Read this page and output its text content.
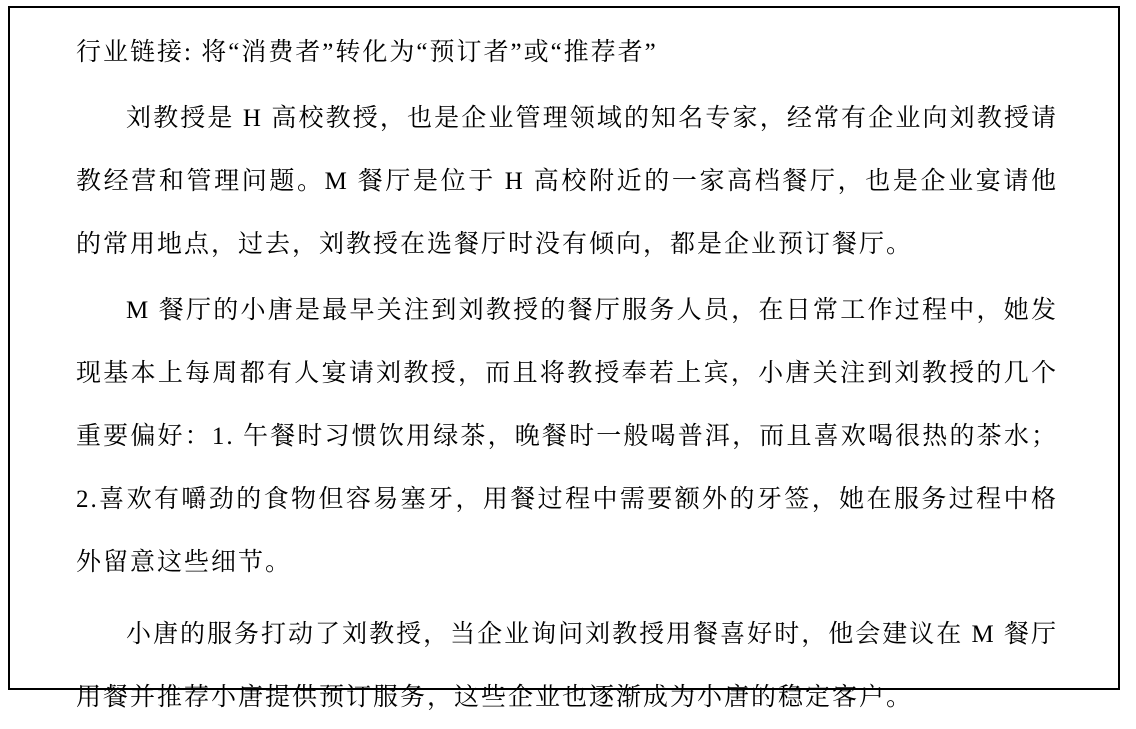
行业链接: 将“消费者”转化为“预订者”或“推荐者”

刘教授是 H 高校教授，也是企业管理领域的知名专家，经常有企业向刘教授请教经营和管理问题。M 餐厅是位于 H 高校附近的一家高档餐厅，也是企业宴请他的常用地点，过去，刘教授在选餐厅时没有倾向，都是企业预订餐厅。

M 餐厅的小唐是最早关注到刘教授的餐厅服务人员，在日常工作过程中，她发现基本上每周都有人宴请刘教授，而且将教授奉若上宾，小唐关注到刘教授的几个重要偏好：1. 午餐时习惯饮用绿茶，晚餐时一般喝普洱，而且喜欢喝很热的茶水；2.喜欢有嚼劲的食物但容易塞牙，用餐过程中需要额外的牙签，她在服务过程中格外留意这些细节。

小唐的服务打动了刘教授，当企业询问刘教授用餐喜好时，他会建议在 M 餐厅用餐并推荐小唐提供预订服务，这些企业也逐渐成为小唐的稳定客户。
